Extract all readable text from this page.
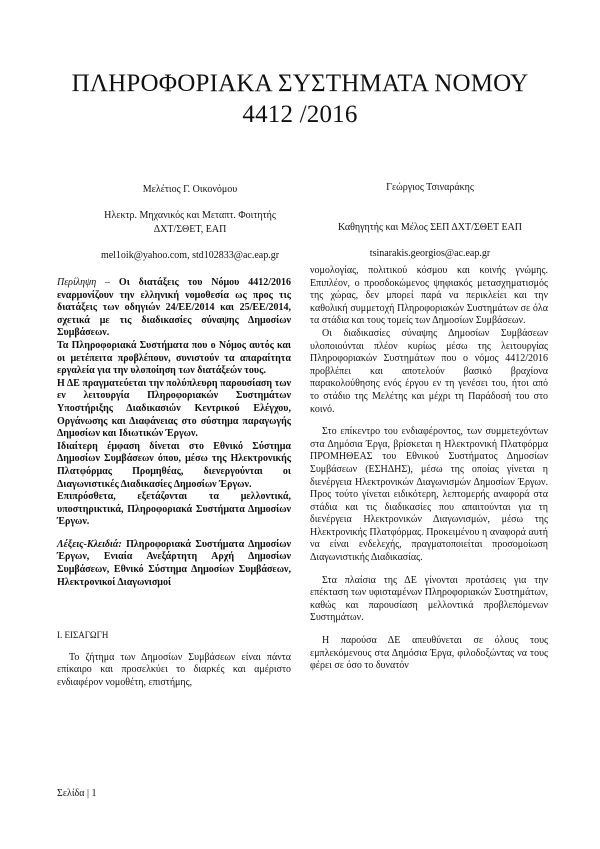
ΠΛΗΡΟΦΟΡΙΑΚΑ ΣΥΣΤΗΜΑΤΑ ΝΟΜΟΥ
4412 /2016

Μελέτιος Γ. Οικονόμου

Ηλεκτρ. Μηχανικός και Μεταπτ. Φοιτητής

ΔΧΤ/ΣΘΕΤ, ΕΑΠ

mel1oik@yahoo.com, std102833@ac.eap.gr

Γεώργιος Τσιναράκης

Καθηγητής και Μέλος ΣΕΠ ΔΧΤ/ΣΘΕΤ ΕΑΠ

tsinarakis.georgios@ac.eap.gr

Περίληψη – Οι διατάξεις του Νόμου 4412/2016 εναρμονίζουν την ελληνική νομοθεσία ως προς τις διατάξεις των οδηγιών 24/ΕΕ/2014 και 25/ΕΕ/2014, σχετικά με τις διαδικασίες σύναψης Δημοσίων Συμβάσεων.

Τα Πληροφοριακά Συστήματα που ο Νόμος αυτός και οι μετέπειτα προβλέπουν, συνιστούν τα απαραίτητα εργαλεία για την υλοποίηση των διατάξεών τους.

Η ΔΕ πραγματεύεται την πολύπλευρη παρουσίαση των εν λειτουργία Πληροφοριακών Συστημάτων Υποστήριξης Διαδικασιών Κεντρικού Ελέγχου, Οργάνωσης και Διαφάνειας στο σύστημα παραγωγής Δημοσίων και Ιδιωτικών Έργων.

Ιδιαίτερη έμφαση δίνεται στο Εθνικό Σύστημα Δημοσίων Συμβάσεων όπου, μέσω της Ηλεκτρονικής Πλατφόρμας Προμηθέας, διενεργούνται οι Διαγωνιστικές Διαδικασίες Δημοσίων Έργων.

Επιπρόσθετα, εξετάζονται τα μελλοντικά, υποστηρικτικά, Πληροφοριακά Συστήματα Δημοσίων Έργων.

Λέξεις-Κλειδιά: Πληροφοριακά Συστήματα Δημοσίων Έργων, Ενιαία Ανεξάρτητη Αρχή Δημοσίων Συμβάσεων, Εθνικό Σύστημα Δημοσίων Συμβάσεων, Ηλεκτρονικοί Διαγωνισμοί

I. ΕΙΣΑΓΩΓΗ

Το ζήτημα των Δημοσίων Συμβάσεων είναι πάντα επίκαιρο και προσελκύει το διαρκές και αμέριστο ενδιαφέρον νομοθέτη, επιστήμης,

νομολογίας, πολιτικού κόσμου και κοινής γνώμης. Επιπλέον, ο προσδοκώμενος ψηφιακός μετασχηματισμός της χώρας, δεν μπορεί παρά να περικλείει και την καθολική συμμετοχή Πληροφοριακών Συστημάτων σε όλα τα στάδια και τους τομείς των Δημοσίων Συμβάσεων.

Οι διαδικασίες σύναψης Δημοσίων Συμβάσεων υλοποιούνται πλέον κυρίως μέσω της λειτουργίας Πληροφοριακών Συστημάτων που ο νόμος 4412/2016 προβλέπει και αποτελούν βασικό βραχίονα παρακολούθησης ενός έργου εν τη γενέσει του, ήτοι από το στάδιο της Μελέτης και μέχρι τη Παράδοσή του στο κοινό.

Στο επίκεντρο του ενδιαφέροντος, των συμμετεχόντων στα Δημόσια Έργα, βρίσκεται η Ηλεκτρονική Πλατφόρμα ΠΡΟΜΗΘΕΑΣ του Εθνικού Συστήματος Δημοσίων Συμβάσεων (ΕΣΗΔΗΣ), μέσω της οποίας γίνεται η διενέργεια Ηλεκτρονικών Διαγωνισμών Δημοσίων Έργων. Προς τούτο γίνεται ειδικότερη, λεπτομερής αναφορά στα στάδια και τις διαδικασίες που απαιτούνται για τη διενέργεια Ηλεκτρονικών Διαγωνισμών, μέσω της Ηλεκτρονικής Πλατφόρμας. Προκειμένου η αναφορά αυτή να είναι ενδελεχής, πραγματοποιείται προσομοίωση Διαγωνιστικής Διαδικασίας.

Στα πλαίσια της ΔΕ γίνονται προτάσεις για την επέκταση των υφισταμένων Πληροφοριακών Συστημάτων, καθώς και παρουσίαση μελλοντικά προβλεπόμενων Συστημάτων.

Η παρούσα ΔΕ απευθύνεται σε όλους τους εμπλεκόμενους στα Δημόσια Έργα, φιλοδοξώντας να τους φέρει σε όσο το δυνατόν

Σελίδα | 1
